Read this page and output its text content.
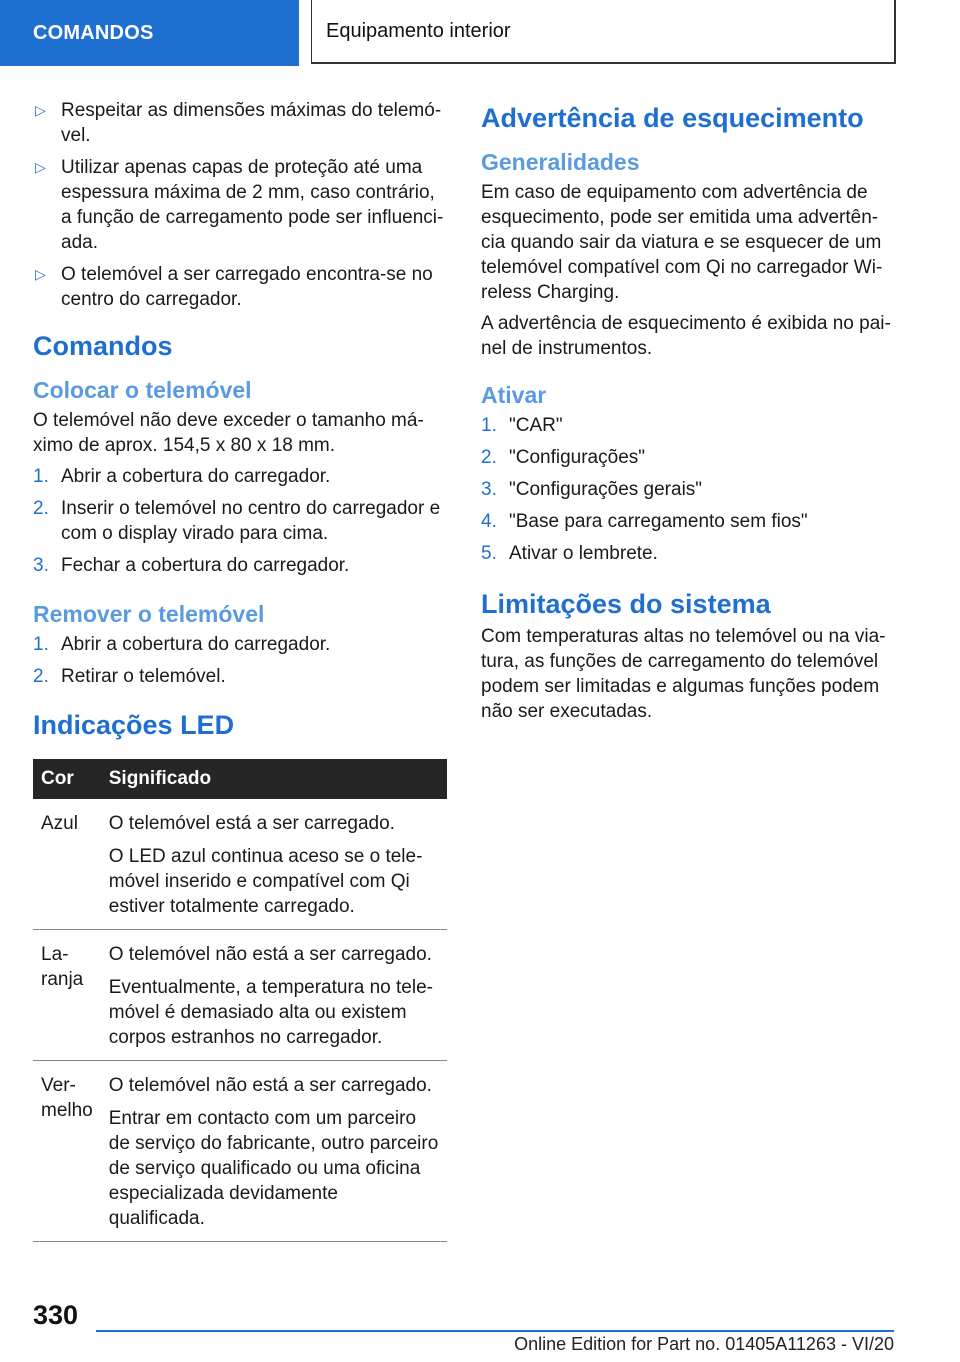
COMANDOS	Equipamento interior
▷ Respeitar as dimensões máximas do telemóvel.
▷ Utilizar apenas capas de proteção até uma espessura máxima de 2 mm, caso contrário, a função de carregamento pode ser influenciada.
▷ O telemóvel a ser carregado encontra-se no centro do carregador.
Comandos
Colocar o telemóvel

O telemóvel não deve exceder o tamanho máximo de aprox. 154,5 x 80 x 18 mm.

1. Abrir a cobertura do carregador.
2. Inserir o telemóvel no centro do carregador e com o display virado para cima.
3. Fechar a cobertura do carregador.
Remover o telemóvel
1. Abrir a cobertura do carregador.
2. Retirar o telemóvel.
Indicações LED
Cor	Significado
Azul	O telemóvel está a ser carregado.

O LED azul continua aceso se o telemóvel inserido e compatível com Qi estiver totalmente carregado.

Laranja	O telemóvel não está a ser carregado.

Eventualmente, a temperatura no telemóvel é demasiado alta ou existem corpos estranhos no carregador.

Vermelho	O telemóvel não está a ser carregado.

Entrar em contacto com um parceiro de serviço do fabricante, outro parceiro de serviço qualificado ou uma oficina especializada devidamente qualificada.

Advertência de esquecimento
Generalidades

Em caso de equipamento com advertência de esquecimento, pode ser emitida uma advertência quando sair da viatura e se esquecer de um telemóvel compatível com Qi no carregador Wireless Charging.

A advertência de esquecimento é exibida no painel de instrumentos.

Ativar
1. "CAR"
2. "Configurações"
3. "Configurações gerais"
4. "Base para carregamento sem fios"
5. Ativar o lembrete.
Limitações do sistema

Com temperaturas altas no telemóvel ou na viatura, as funções de carregamento do telemóvel podem ser limitadas e algumas funções podem não ser executadas.

330
Online Edition for Part no. 01405A11263 - VI/20
